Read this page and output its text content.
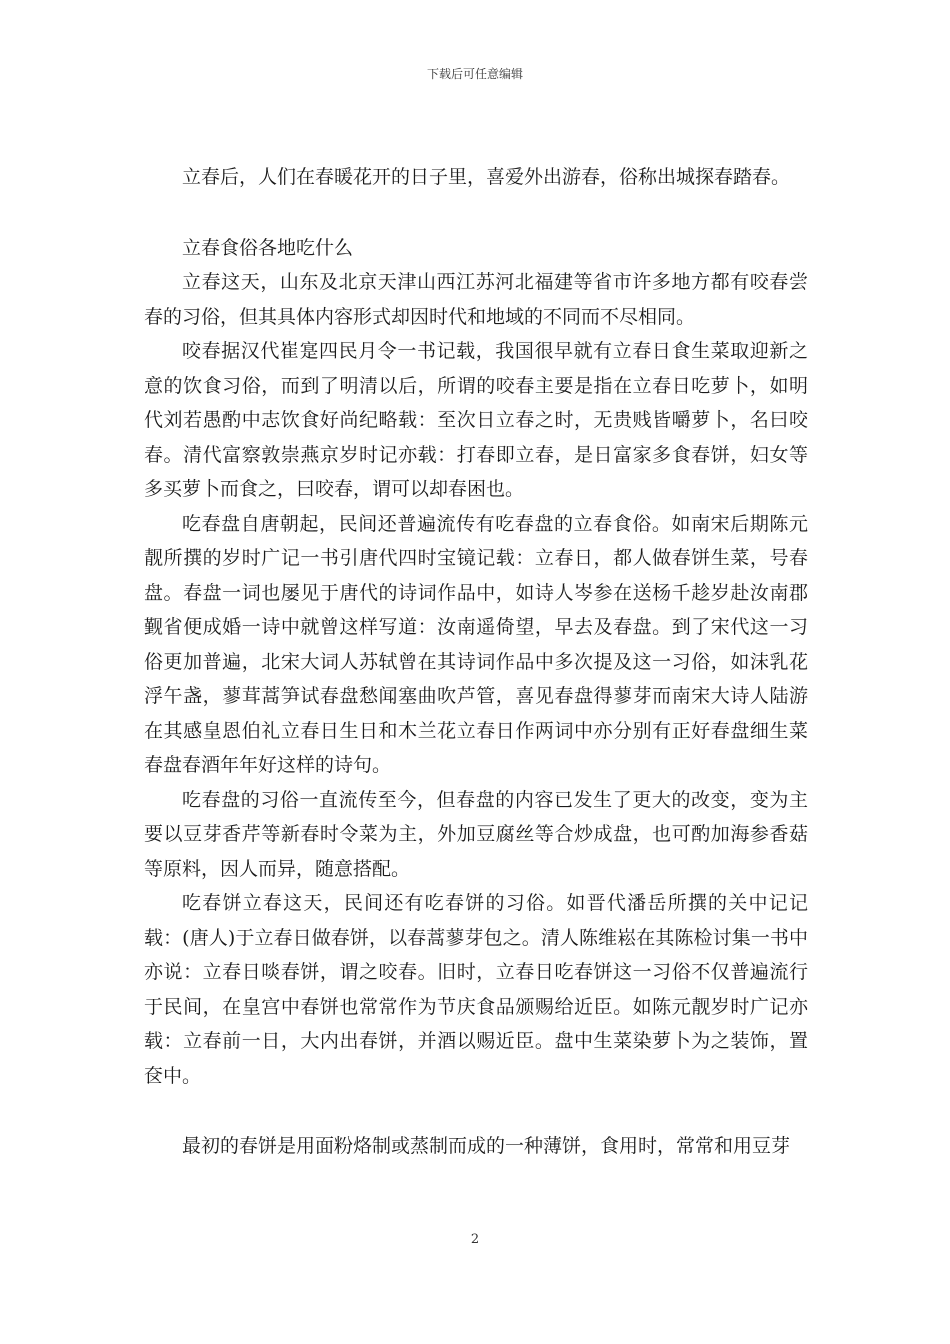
下载后可任意编辑

立春后，人们在春暖花开的日子里，喜爱外出游春，俗称出城探春踏春。

立春食俗各地吃什么

立春这天，山东及北京天津山西江苏河北福建等省市许多地方都有咬春尝春的习俗，但其具体内容形式却因时代和地域的不同而不尽相同。

咬春据汉代崔寔四民月令一书记载，我国很早就有立春日食生菜取迎新之意的饮食习俗，而到了明清以后，所谓的咬春主要是指在立春日吃萝卜，如明代刘若愚酌中志饮食好尚纪略载：至次日立春之时，无贵贱皆嚼萝卜，名曰咬春。清代富察敦崇燕京岁时记亦载：打春即立春，是日富家多食春饼，妇女等多买萝卜而食之，曰咬春，谓可以却春困也。

吃春盘自唐朝起，民间还普遍流传有吃春盘的立春食俗。如南宋后期陈元靓所撰的岁时广记一书引唐代四时宝镜记载：立春日，都人做春饼生菜，号春盘。春盘一词也屡见于唐代的诗词作品中，如诗人岑参在送杨千趁岁赴汝南郡觐省便成婚一诗中就曾这样写道：汝南遥倚望，早去及春盘。到了宋代这一习俗更加普遍，北宋大词人苏轼曾在其诗词作品中多次提及这一习俗，如沫乳花浮午盏，蓼茸蒿笋试春盘愁闻塞曲吹芦管，喜见春盘得蓼芽而南宋大诗人陆游在其感皇恩伯礼立春日生日和木兰花立春日作两词中亦分别有正好春盘细生菜春盘春酒年年好这样的诗句。

吃春盘的习俗一直流传至今，但春盘的内容已发生了更大的改变，变为主要以豆芽香芹等新春时令菜为主，外加豆腐丝等合炒成盘，也可酌加海参香菇等原料，因人而异，随意搭配。

吃春饼立春这天，民间还有吃春饼的习俗。如晋代潘岳所撰的关中记记载：(唐人)于立春日做春饼，以春蒿蓼芽包之。清人陈维崧在其陈检讨集一书中亦说：立春日啖春饼，谓之咬春。旧时，立春日吃春饼这一习俗不仅普遍流行于民间，在皇宫中春饼也常常作为节庆食品颁赐给近臣。如陈元靓岁时广记亦载：立春前一日，大内出春饼，并酒以赐近臣。盘中生菜染萝卜为之装饰，置奁中。

最初的春饼是用面粉烙制或蒸制而成的一种薄饼，食用时，常常和用豆芽

2
